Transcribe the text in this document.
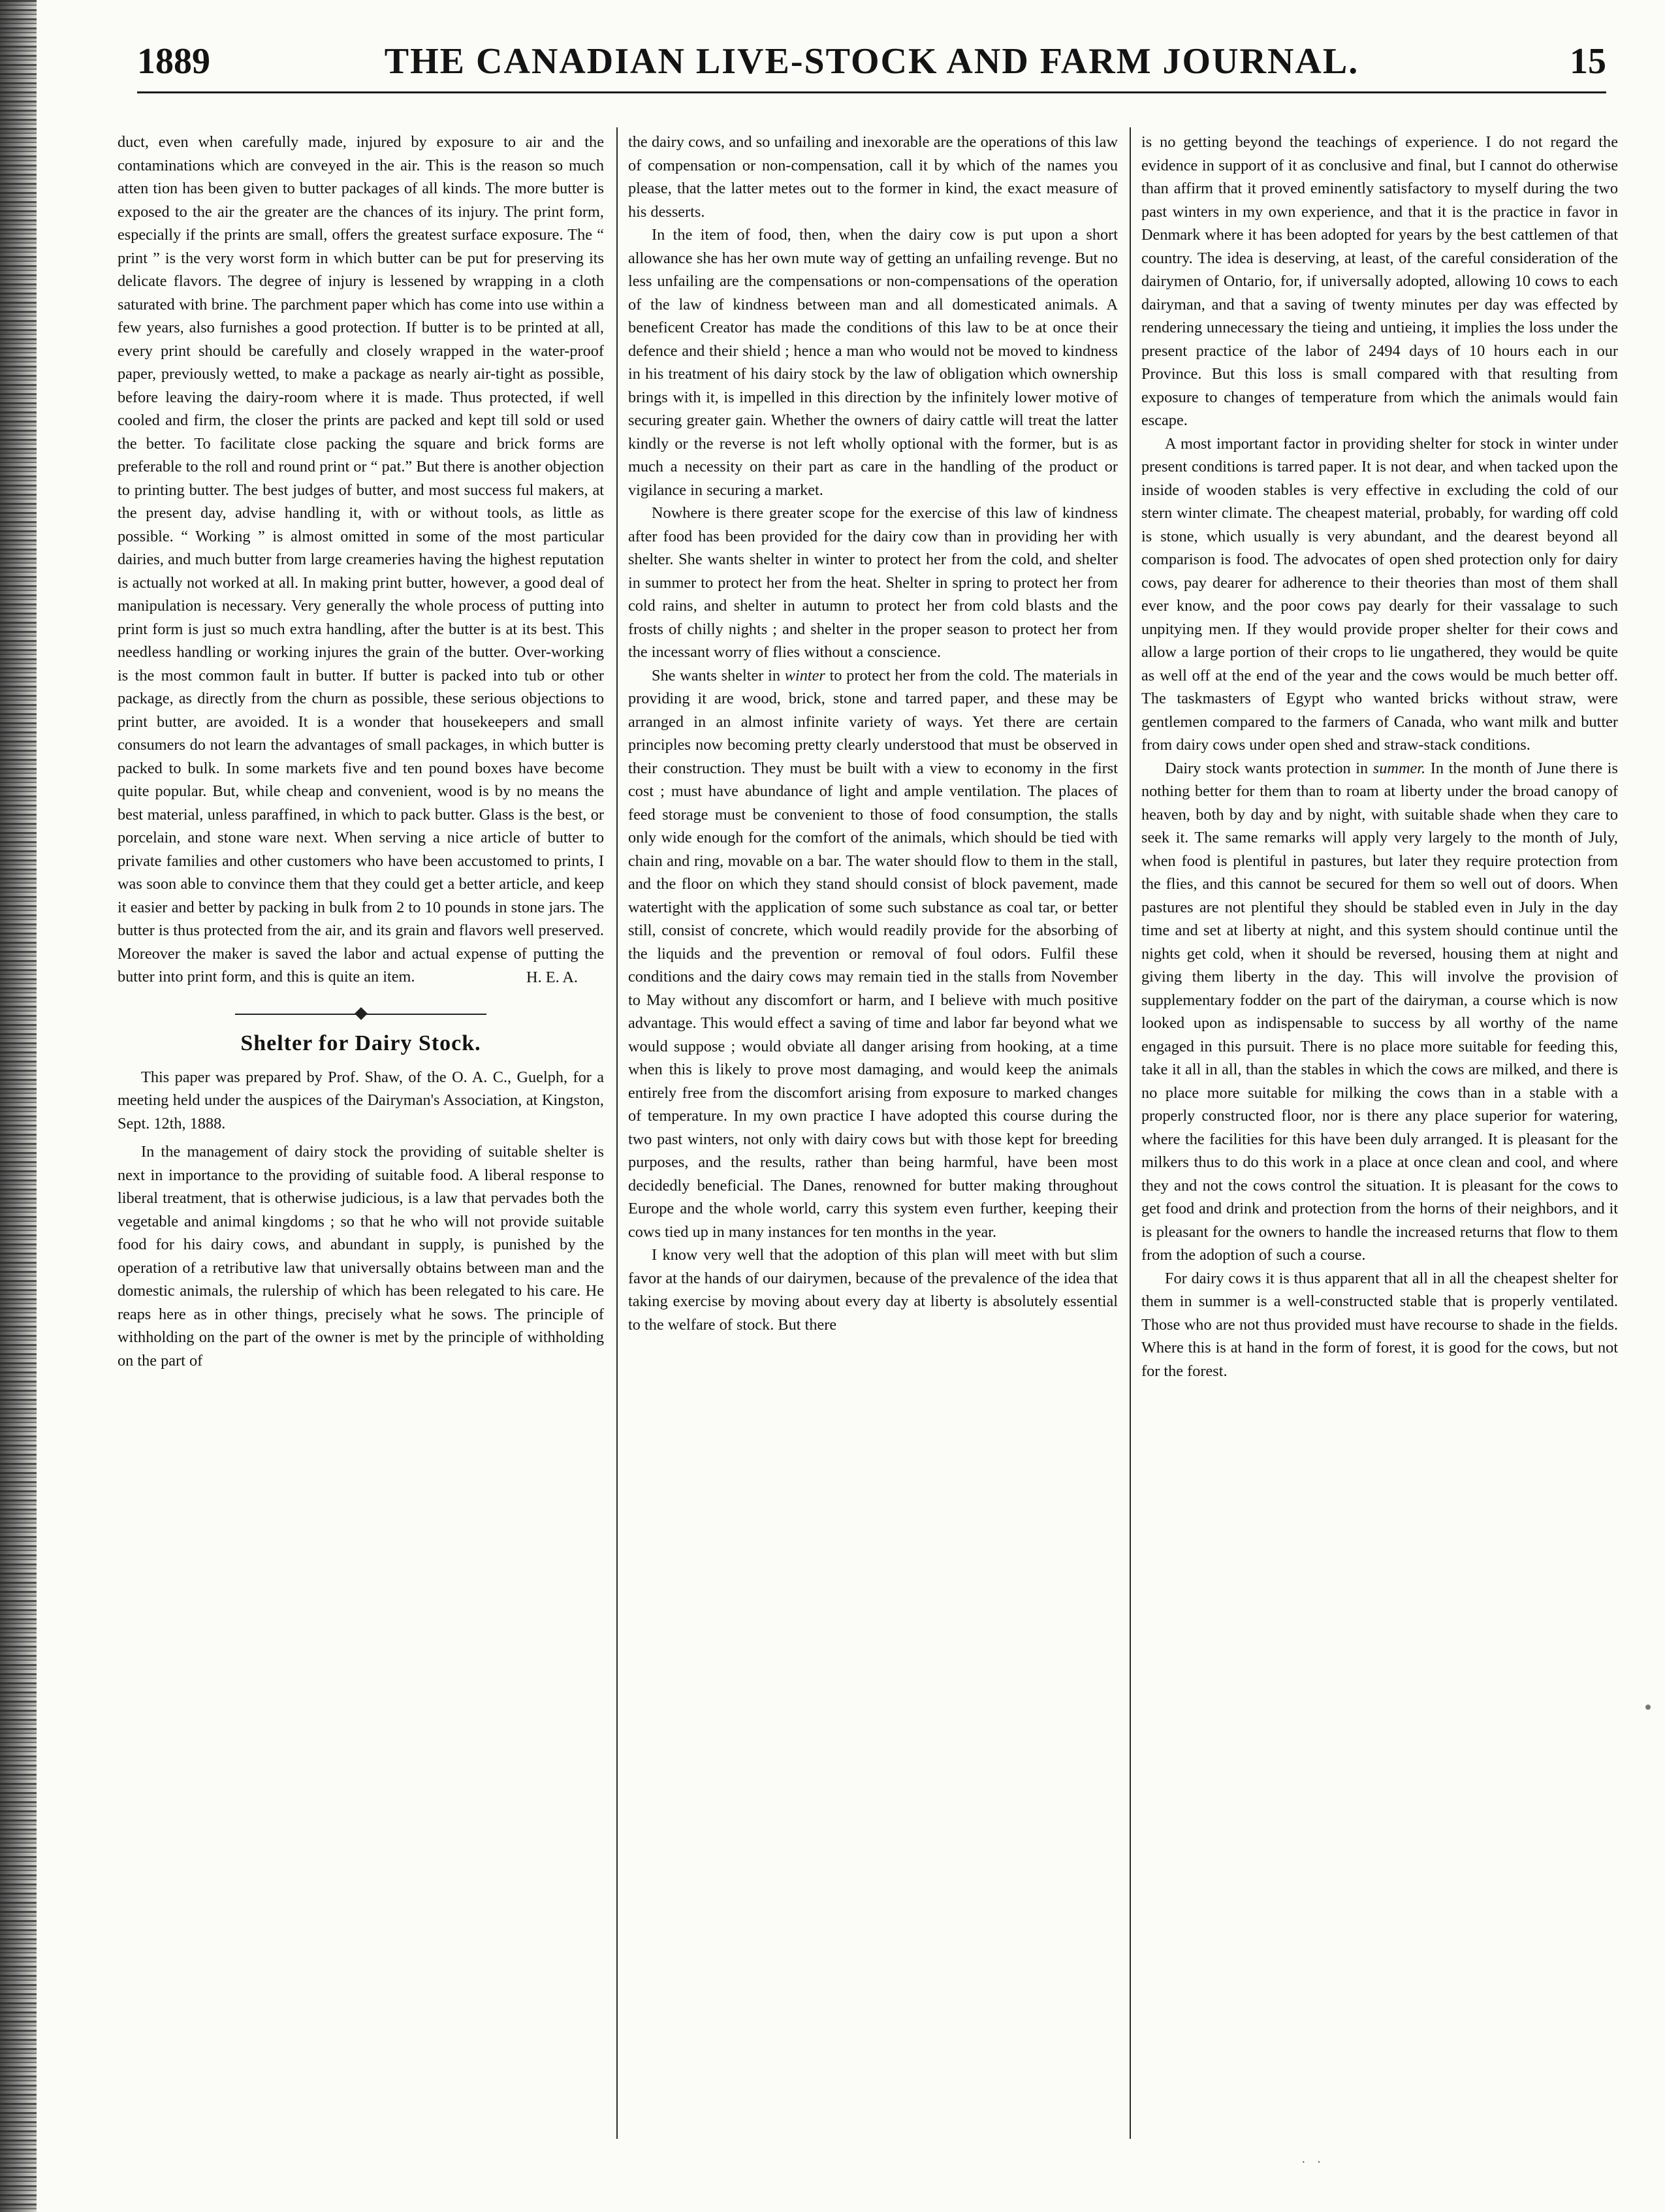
1889	THE CANADIAN LIVE-STOCK AND FARM JOURNAL.	15

duct, even when carefully made, injured by exposure to air and the contaminations which are conveyed in the air. This is the reason so much atten tion has been given to butter packages of all kinds. The more butter is exposed to the air the greater are the chances of its injury. The print form, especially if the prints are small, offers the greatest surface exposure. The “ print ” is the very worst form in which butter can be put for preserving its delicate flavors. The degree of injury is lessened by wrapping in a cloth saturated with brine. The parchment paper which has come into use within a few years, also furnishes a good protection. If butter is to be printed at all, every print should be carefully and closely wrapped in the water-proof paper, previously wetted, to make a package as nearly air-tight as possible, before leaving the dairy-room where it is made. Thus protected, if well cooled and firm, the closer the prints are packed and kept till sold or used the better. To facilitate close packing the square and brick forms are preferable to the roll and round print or “ pat.” But there is another objection to printing butter. The best judges of butter, and most success ful makers, at the present day, advise handling it, with or without tools, as little as possible. “ Working ” is almost omitted in some of the most particular dairies, and much butter from large creameries having the highest reputation is actually not worked at all. In making print butter, however, a good deal of manipulation is necessary. Very generally the whole process of putting into print form is just so much extra handling, after the butter is at its best. This needless handling or working injures the grain of the butter. Over-working is the most common fault in butter. If butter is packed into tub or other package, as directly from the churn as possible, these serious objections to print butter, are avoided. It is a wonder that housekeepers and small consumers do not learn the advantages of small packages, in which butter is packed to bulk. In some markets five and ten pound boxes have become quite popular. But, while cheap and convenient, wood is by no means the best material, unless paraffined, in which to pack butter. Glass is the best, or porcelain, and stone ware next. When serving a nice article of butter to private families and other customers who have been accustomed to prints, I was soon able to convince them that they could get a better article, and keep it easier and better by packing in bulk from 2 to 10 pounds in stone jars. The butter is thus protected from the air, and its grain and flavors well preserved. Moreover the maker is saved the labor and actual expense of putting the butter into print form, and this is quite an item.	H. E. A.
Shelter for Dairy Stock.

This paper was prepared by Prof. Shaw, of the O. A. C., Guelph, for a meeting held under the auspices of the Dairyman's Association, at Kingston, Sept. 12th, 1888.

In the management of dairy stock the providing of suitable shelter is next in importance to the providing of suitable food. A liberal response to liberal treatment, that is otherwise judicious, is a law that pervades both the vegetable and animal kingdoms ; so that he who will not provide suitable food for his dairy cows, and abundant in supply, is punished by the operation of a retributive law that universally obtains between man and the domestic animals, the rulership of which has been relegated to his care. He reaps here as in other things, precisely what he sows. The principle of withholding on the part of the owner is met by the principle of withholding on the part of

the dairy cows, and so unfailing and inexorable are the operations of this law of compensation or non-compensation, call it by which of the names you please, that the latter metes out to the former in kind, the exact measure of his desserts.

In the item of food, then, when the dairy cow is put upon a short allowance she has her own mute way of getting an unfailing revenge. But no less unfailing are the compensations or non-compensations of the operation of the law of kindness between man and all domesticated animals. A beneficent Creator has made the conditions of this law to be at once their defence and their shield ; hence a man who would not be moved to kindness in his treatment of his dairy stock by the law of obligation which ownership brings with it, is impelled in this direction by the infinitely lower motive of securing greater gain. Whether the owners of dairy cattle will treat the latter kindly or the reverse is not left wholly optional with the former, but is as much a necessity on their part as care in the handling of the product or vigilance in securing a market.

Nowhere is there greater scope for the exercise of this law of kindness after food has been provided for the dairy cow than in providing her with shelter. She wants shelter in winter to protect her from the cold, and shelter in summer to protect her from the heat. Shelter in spring to protect her from cold rains, and shelter in autumn to protect her from cold blasts and the frosts of chilly nights ; and shelter in the proper season to protect her from the incessant worry of flies without a conscience.

She wants shelter in winter to protect her from the cold. The materials in providing it are wood, brick, stone and tarred paper, and these may be arranged in an almost infinite variety of ways. Yet there are certain principles now becoming pretty clearly understood that must be observed in their construction. They must be built with a view to economy in the first cost ; must have abundance of light and ample ventilation. The places of feed storage must be convenient to those of food consumption, the stalls only wide enough for the comfort of the animals, which should be tied with chain and ring, movable on a bar. The water should flow to them in the stall, and the floor on which they stand should consist of block pavement, made watertight with the application of some such substance as coal tar, or better still, consist of concrete, which would readily provide for the absorbing of the liquids and the prevention or removal of foul odors. Fulfil these conditions and the dairy cows may remain tied in the stalls from November to May without any discomfort or harm, and I believe with much positive advantage. This would effect a saving of time and labor far beyond what we would suppose ; would obviate all danger arising from hooking, at a time when this is likely to prove most damaging, and would keep the animals entirely free from the discomfort arising from exposure to marked changes of temperature. In my own practice I have adopted this course during the two past winters, not only with dairy cows but with those kept for breeding purposes, and the results, rather than being harmful, have been most decidedly beneficial. The Danes, renowned for butter making throughout Europe and the whole world, carry this system even further, keeping their cows tied up in many instances for ten months in the year.

I know very well that the adoption of this plan will meet with but slim favor at the hands of our dairymen, because of the prevalence of the idea that taking exercise by moving about every day at liberty is absolutely essential to the welfare of stock. But there

is no getting beyond the teachings of experience. I do not regard the evidence in support of it as conclusive and final, but I cannot do otherwise than affirm that it proved eminently satisfactory to myself during the two past winters in my own experience, and that it is the practice in favor in Denmark where it has been adopted for years by the best cattlemen of that country. The idea is deserving, at least, of the careful consideration of the dairymen of Ontario, for, if universally adopted, allowing 10 cows to each dairyman, and that a saving of twenty minutes per day was effected by rendering unnecessary the tieing and untieing, it implies the loss under the present practice of the labor of 2494 days of 10 hours each in our Province. But this loss is small compared with that resulting from exposure to changes of temperature from which the animals would fain escape.

A most important factor in providing shelter for stock in winter under present conditions is tarred paper. It is not dear, and when tacked upon the inside of wooden stables is very effective in excluding the cold of our stern winter climate. The cheapest material, probably, for warding off cold is stone, which usually is very abundant, and the dearest beyond all comparison is food. The advocates of open shed protection only for dairy cows, pay dearer for adherence to their theories than most of them shall ever know, and the poor cows pay dearly for their vassalage to such unpitying men. If they would provide proper shelter for their cows and allow a large portion of their crops to lie ungathered, they would be quite as well off at the end of the year and the cows would be much better off. The taskmasters of Egypt who wanted bricks without straw, were gentlemen compared to the farmers of Canada, who want milk and butter from dairy cows under open shed and straw-stack conditions.

Dairy stock wants protection in summer. In the month of June there is nothing better for them than to roam at liberty under the broad canopy of heaven, both by day and by night, with suitable shade when they care to seek it. The same remarks will apply very largely to the month of July, when food is plentiful in pastures, but later they require protection from the flies, and this cannot be secured for them so well out of doors. When pastures are not plentiful they should be stabled even in July in the day time and set at liberty at night, and this system should continue until the nights get cold, when it should be reversed, housing them at night and giving them liberty in the day. This will involve the provision of supplementary fodder on the part of the dairyman, a course which is now looked upon as indispensable to success by all worthy of the name engaged in this pursuit. There is no place more suitable for feeding this, take it all in all, than the stables in which the cows are milked, and there is no place more suitable for milking the cows than in a stable with a properly constructed floor, nor is there any place superior for watering, where the facilities for this have been duly arranged. It is pleasant for the milkers thus to do this work in a place at once clean and cool, and where they and not the cows control the situation. It is pleasant for the cows to get food and drink and protection from the horns of their neighbors, and it is pleasant for the owners to handle the increased returns that flow to them from the adoption of such a course.

For dairy cows it is thus apparent that all in all the cheapest shelter for them in summer is a well-constructed stable that is properly ventilated. Those who are not thus provided must have recourse to shade in the fields. Where this is at hand in the form of forest, it is good for the cows, but not for the forest.

· ·
